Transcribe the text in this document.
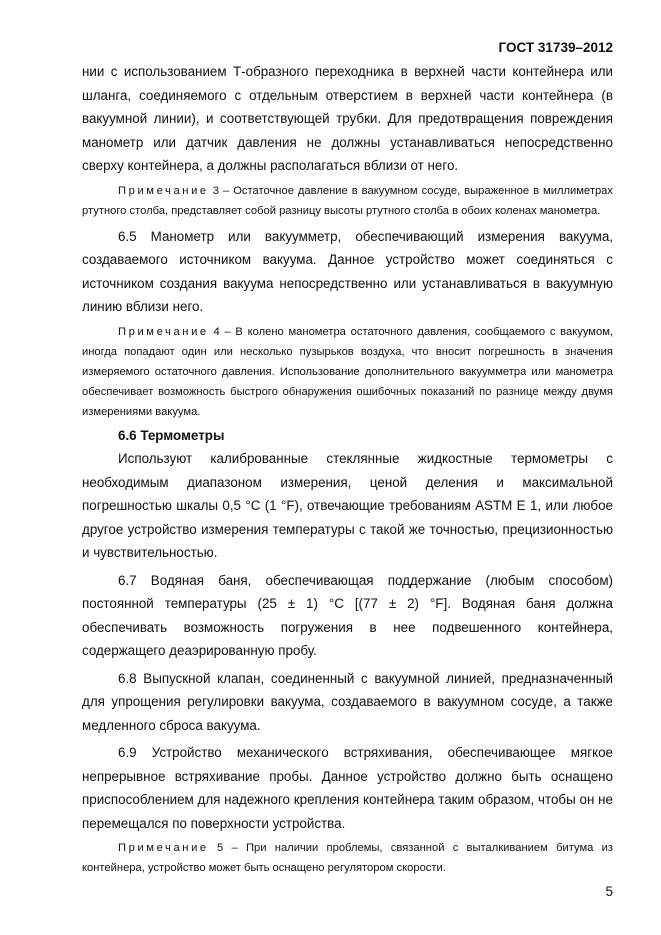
ГОСТ 31739–2012

нии с использованием Т-образного переходника в верхней части контейнера или шланга, соединяемого с отдельным отверстием в верхней части контейнера (в вакуумной линии), и соответствующей трубки. Для предотвращения повреждения манометр или датчик давления не должны устанавливаться непосредственно сверху контейнера, а должны располагаться вблизи от него.

Примечание 3 – Остаточное давление в вакуумном сосуде, выраженное в миллиметрах ртутного столба, представляет собой разницу высоты ртутного столба в обоих коленах манометра.

6.5 Манометр или вакуумметр, обеспечивающий измерения вакуума, создаваемого источником вакуума. Данное устройство может соединяться с источником создания вакуума непосредственно или устанавливаться в вакуумную линию вблизи него.

Примечание 4 – В колено манометра остаточного давления, сообщаемого с вакуумом, иногда попадают один или несколько пузырьков воздуха, что вносит погрешность в значения измеряемого остаточного давления. Использование дополнительного вакуумметра или манометра обеспечивает возможность быстрого обнаружения ошибочных показаний по разнице между двумя измерениями вакуума.

6.6 Термометры

Используют калиброванные стеклянные жидкостные термометры с необходимым диапазоном измерения, ценой деления и максимальной погрешностью шкалы 0,5 °С (1 °F), отвечающие требованиям ASTM E 1, или любое другое устройство измерения температуры с такой же точностью, прецизионностью и чувствительностью.

6.7 Водяная баня, обеспечивающая поддержание (любым способом) постоянной температуры (25 ± 1) °С [(77 ± 2) °F]. Водяная баня должна обеспечивать возможность погружения в нее подвешенного контейнера, содержащего деаэрированную пробу.

6.8 Выпускной клапан, соединенный с вакуумной линией, предназначенный для упрощения регулировки вакуума, создаваемого в вакуумном сосуде, а также медленного сброса вакуума.

6.9 Устройство механического встряхивания, обеспечивающее мягкое непрерывное встряхивание пробы. Данное устройство должно быть оснащено приспособлением для надежного крепления контейнера таким образом, чтобы он не перемещался по поверхности устройства.

Примечание 5 – При наличии проблемы, связанной с выталкиванием битума из контейнера, устройство может быть оснащено регулятором скорости.

5
